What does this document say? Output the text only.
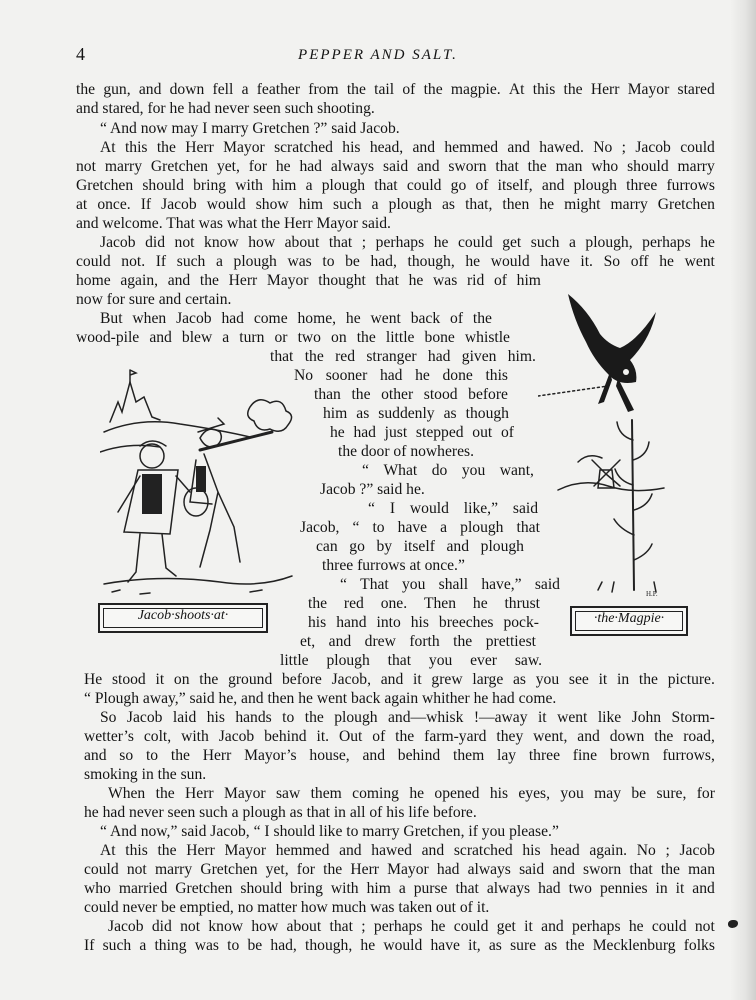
4	PEPPER AND SALT.
the gun, and down fell a feather from the tail of the magpie. At this the Herr Mayor stared
and stared, for he had never seen such shooting.
“ And now may I marry Gretchen ?” said Jacob.
At this the Herr Mayor scratched his head, and hemmed and hawed. No ; Jacob could
not marry Gretchen yet, for he had always said and sworn that the man who should marry
Gretchen should bring with him a plough that could go of itself, and plough three furrows
at once. If Jacob would show him such a plough as that, then he might marry Gretchen
and welcome. That was what the Herr Mayor said.
Jacob did not know how about that ; perhaps he could get such a plough, perhaps he
could not. If such a plough was to be had, though, he would have it. So off he went
home again, and the Herr Mayor thought that he was rid of him
now for sure and certain.
But when Jacob had come home, he went back of the
wood-pile and blew a turn or two on the little bone whistle
that the red stranger had given him.
No sooner had he done this
than the other stood before
him as suddenly as though
he had just stepped out of
the door of nowheres.
“ What do you want,
Jacob ?” said he.
“ I would like,” said
Jacob, “ to have a plough that
can go by itself and plough
three furrows at once.”
“ That you shall have,” said
the red one. Then he thrust
his hand into his breeches pock-
et, and drew forth the prettiest
little plough that you ever saw.
He stood it on the ground before Jacob, and it grew large as you see it in the picture.
“ Plough away,” said he, and then he went back again whither he had come.
So Jacob laid his hands to the plough and—whisk !—away it went like John Storm-
wetter’s colt, with Jacob behind it. Out of the farm-yard they went, and down the road,
and so to the Herr Mayor’s house, and behind them lay three fine brown furrows,
smoking in the sun.
When the Herr Mayor saw them coming he opened his eyes, you may be sure, for
he had never seen such a plough as that in all of his life before.
“ And now,” said Jacob, “ I should like to marry Gretchen, if you please.”
At this the Herr Mayor hemmed and hawed and scratched his head again. No ; Jacob
could not marry Gretchen yet, for the Herr Mayor had always said and sworn that the man
who married Gretchen should bring with him a purse that always had two pennies in it and
could never be emptied, no matter how much was taken out of it.
Jacob did not know how about that ; perhaps he could get it and perhaps he could not
If such a thing was to be had, though, he would have it, as sure as the Mecklenburg folks
Jacob·shoots·at·
H.P.
·the·Magpie·
